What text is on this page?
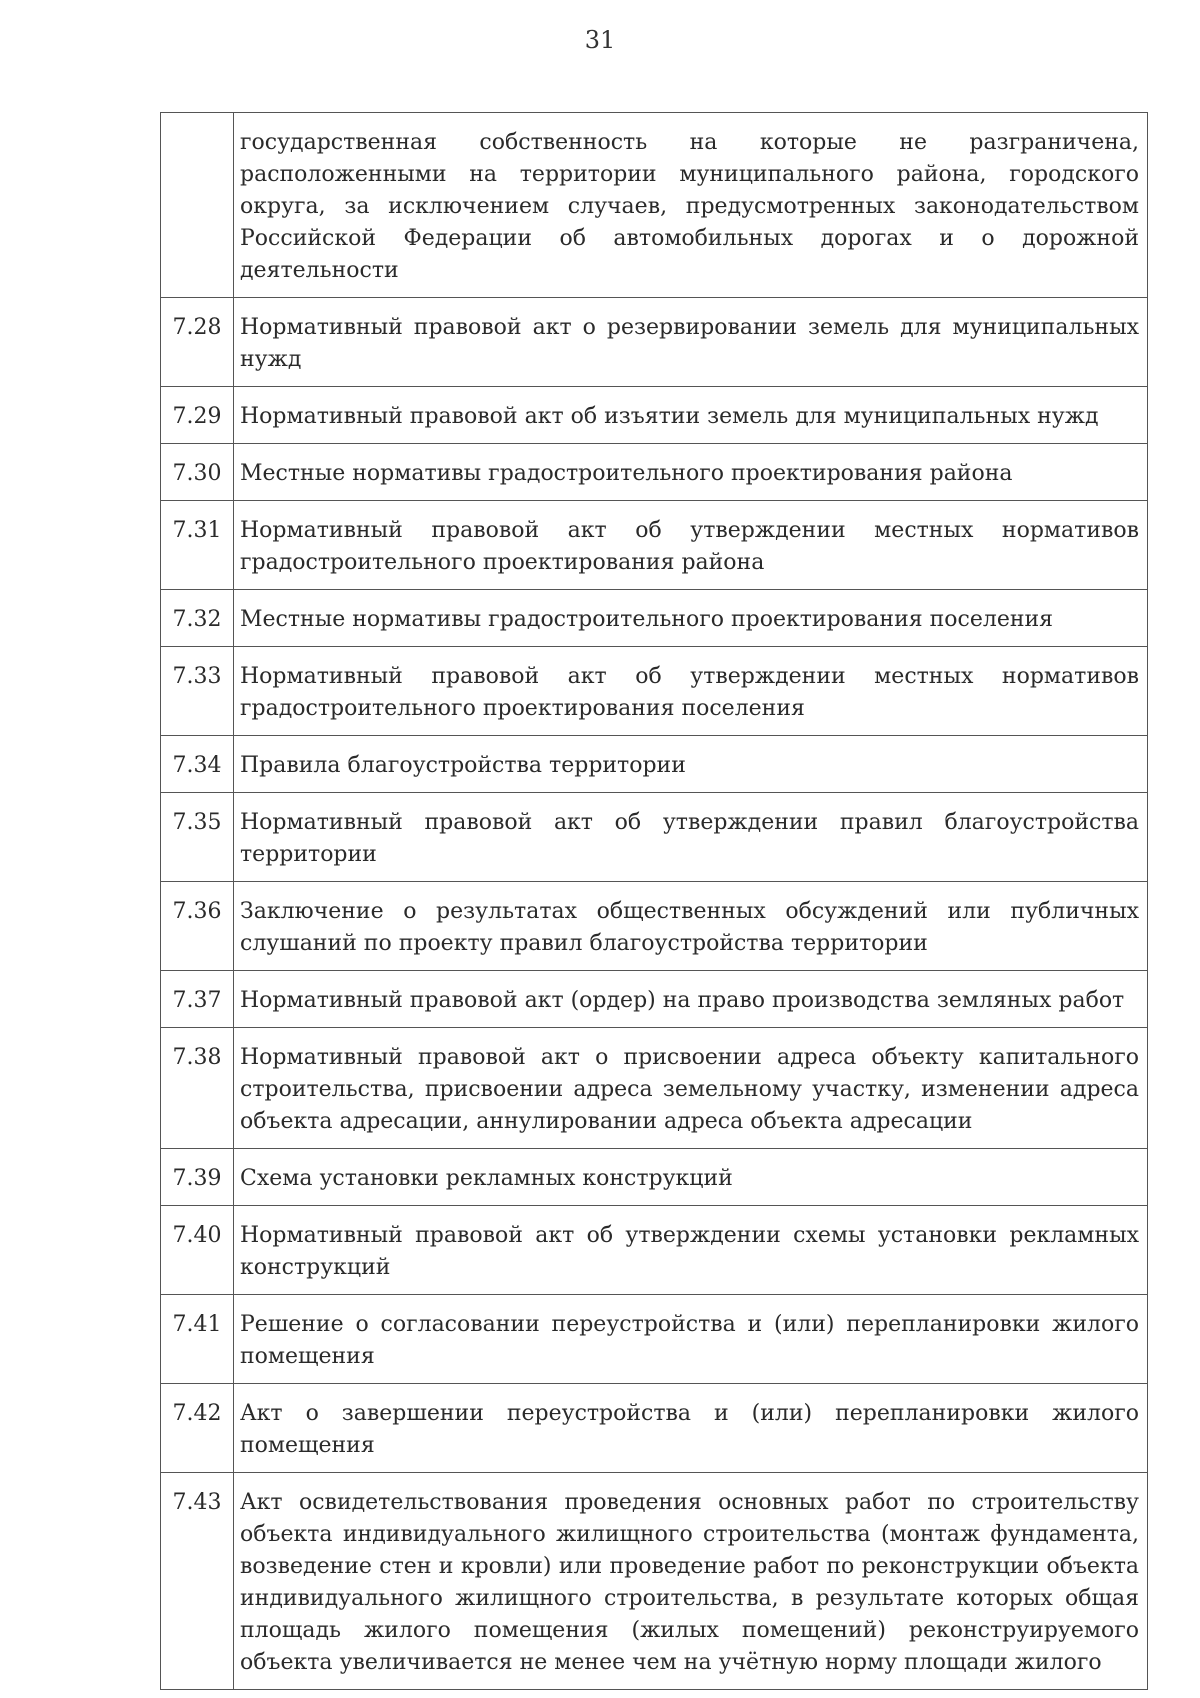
31
	государственная собственность на которые не разграничена, расположенными на территории муниципального района, городского округа, за исключением случаев, предусмотренных законодательством Российской Федерации об автомобильных дорогах и о дорожной деятельности
7.28	Нормативный правовой акт о резервировании земель для муниципальных нужд
7.29	Нормативный правовой акт об изъятии земель для муниципальных нужд
7.30	Местные нормативы градостроительного проектирования района
7.31	Нормативный правовой акт об утверждении местных нормативов градостроительного проектирования района
7.32	Местные нормативы градостроительного проектирования поселения
7.33	Нормативный правовой акт об утверждении местных нормативов градостроительного проектирования поселения
7.34	Правила благоустройства территории
7.35	Нормативный правовой акт об утверждении правил благоустройства территории
7.36	Заключение о результатах общественных обсуждений или публичных слушаний по проекту правил благоустройства территории
7.37	Нормативный правовой акт (ордер) на право производства земляных работ
7.38	Нормативный правовой акт о присвоении адреса объекту капитального строительства, присвоении адреса земельному участку, изменении адреса объекта адресации, аннулировании адреса объекта адресации
7.39	Схема установки рекламных конструкций
7.40	Нормативный правовой акт об утверждении схемы установки рекламных конструкций
7.41	Решение о согласовании переустройства и (или) перепланировки жилого помещения
7.42	Акт о завершении переустройства и (или) перепланировки жилого помещения
7.43	Акт освидетельствования проведения основных работ по строительству объекта индивидуального жилищного строительства (монтаж фундамента, возведение стен и кровли) или проведение работ по реконструкции объекта индивидуального жилищного строительства, в результате которых общая площадь жилого помещения (жилых помещений) реконструируемого объекта увеличивается не менее чем на учётную норму площади жилого
